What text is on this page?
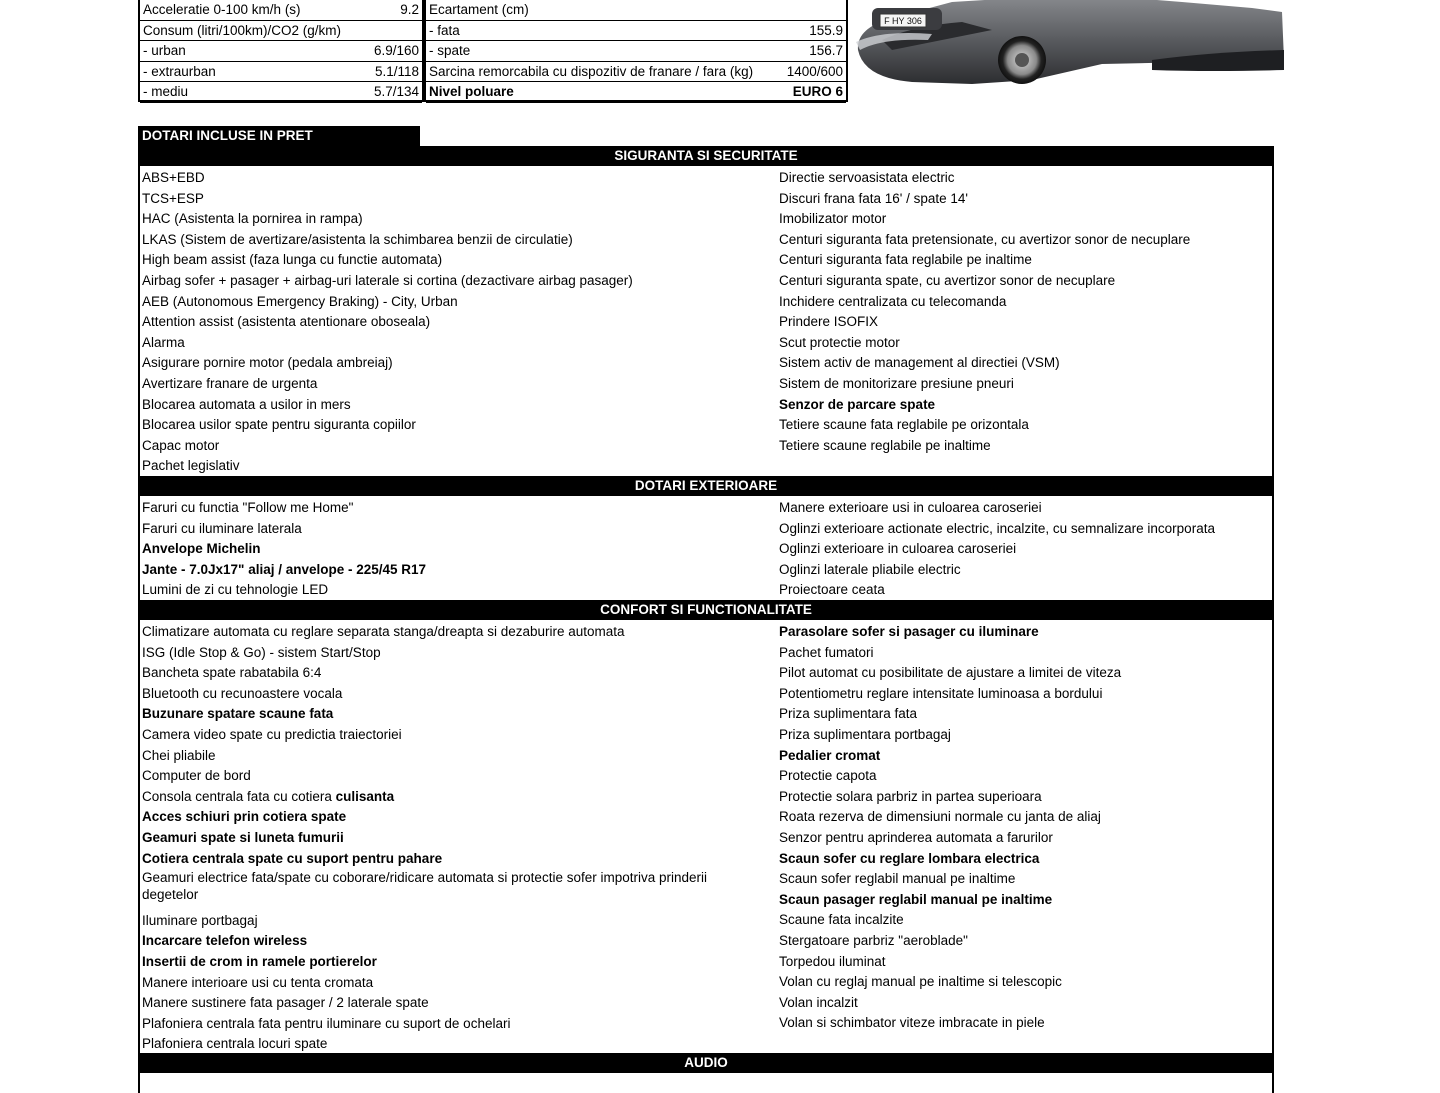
Acceleratie 0-100 km/h (s)	9.2
Consum (litri/100km)/CO2 (g/km)
- urban	6.9/160
- extraurban	5.1/118
- mediu	5.7/134
Ecartament (cm)
- fata	155.9
- spate	156.7
Sarcina remorcabila cu dispozitiv de franare / fara (kg) 1400/600
Nivel poluare	EURO 6
F HY 306
DOTARI INCLUSE IN PRET
SIGURANTA SI SECURITATE
ABS+EBD
TCS+ESP
HAC (Asistenta la pornirea in rampa)
LKAS (Sistem de avertizare/asistenta la schimbarea benzii de circulatie)
High beam assist (faza lunga cu functie automata)
Airbag sofer + pasager + airbag-uri laterale si cortina (dezactivare airbag pasager)
AEB (Autonomous Emergency Braking) - City, Urban
Attention assist (asistenta atentionare oboseala)
Alarma
Asigurare pornire motor (pedala ambreiaj)
Avertizare franare de urgenta
Blocarea automata a usilor in mers
Blocarea usilor spate pentru siguranta copiilor
Capac motor
Pachet legislativ
Directie servoasistata electric
Discuri frana fata 16' / spate 14'
Imobilizator motor
Centuri siguranta fata pretensionate, cu avertizor sonor de necuplare
Centuri siguranta fata reglabile pe inaltime
Centuri siguranta spate, cu avertizor sonor de necuplare
Inchidere centralizata cu telecomanda
Prindere ISOFIX
Scut protectie motor
Sistem activ de management al directiei (VSM)
Sistem de monitorizare presiune pneuri
Senzor de parcare spate
Tetiere scaune fata reglabile pe orizontala
Tetiere scaune reglabile pe inaltime
DOTARI EXTERIOARE
Faruri cu functia "Follow me Home"
Faruri cu iluminare laterala
Anvelope Michelin
Jante - 7.0Jx17" aliaj / anvelope - 225/45 R17
Lumini de zi cu tehnologie LED
Manere exterioare usi in culoarea caroseriei
Oglinzi exterioare actionate electric, incalzite, cu semnalizare incorporata
Oglinzi exterioare in culoarea caroseriei
Oglinzi laterale pliabile electric
Proiectoare ceata
CONFORT SI FUNCTIONALITATE
Climatizare automata cu reglare separata stanga/dreapta si dezaburire automata
ISG (Idle Stop & Go) - sistem Start/Stop
Bancheta spate rabatabila 6:4
Bluetooth cu recunoastere vocala
Buzunare spatare scaune fata
Camera video spate cu predictia traiectoriei
Chei pliabile
Computer de bord
Consola centrala fata cu cotiera culisanta
Acces schiuri prin cotiera spate
Geamuri spate si luneta fumurii
Cotiera centrala spate cu suport pentru pahare
Geamuri electrice fata/spate cu coborare/ridicare automata si protectie sofer impotriva prinderii degetelor
Iluminare portbagaj
Incarcare telefon wireless
Insertii de crom in ramele portierelor
Manere interioare usi cu tenta cromata
Manere sustinere fata pasager / 2 laterale spate
Plafoniera centrala fata pentru iluminare cu suport de ochelari
Plafoniera centrala locuri spate
Parasolare sofer si pasager cu iluminare
Pachet fumatori
Pilot automat cu posibilitate de ajustare a limitei de viteza
Potentiometru reglare intensitate luminoasa a bordului
Priza suplimentara fata
Priza suplimentara portbagaj
Pedalier cromat
Protectie capota
Protectie solara parbriz in partea superioara
Roata rezerva de dimensiuni normale cu janta de aliaj
Senzor pentru aprinderea automata a farurilor
Scaun sofer cu reglare lombara electrica
Scaun sofer reglabil manual pe inaltime
Scaun pasager reglabil manual pe inaltime
Scaune fata incalzite
Stergatoare parbriz "aeroblade"
Torpedou iluminat
Volan cu reglaj manual pe inaltime si telescopic
Volan incalzit
Volan si schimbator viteze imbracate in piele
AUDIO
